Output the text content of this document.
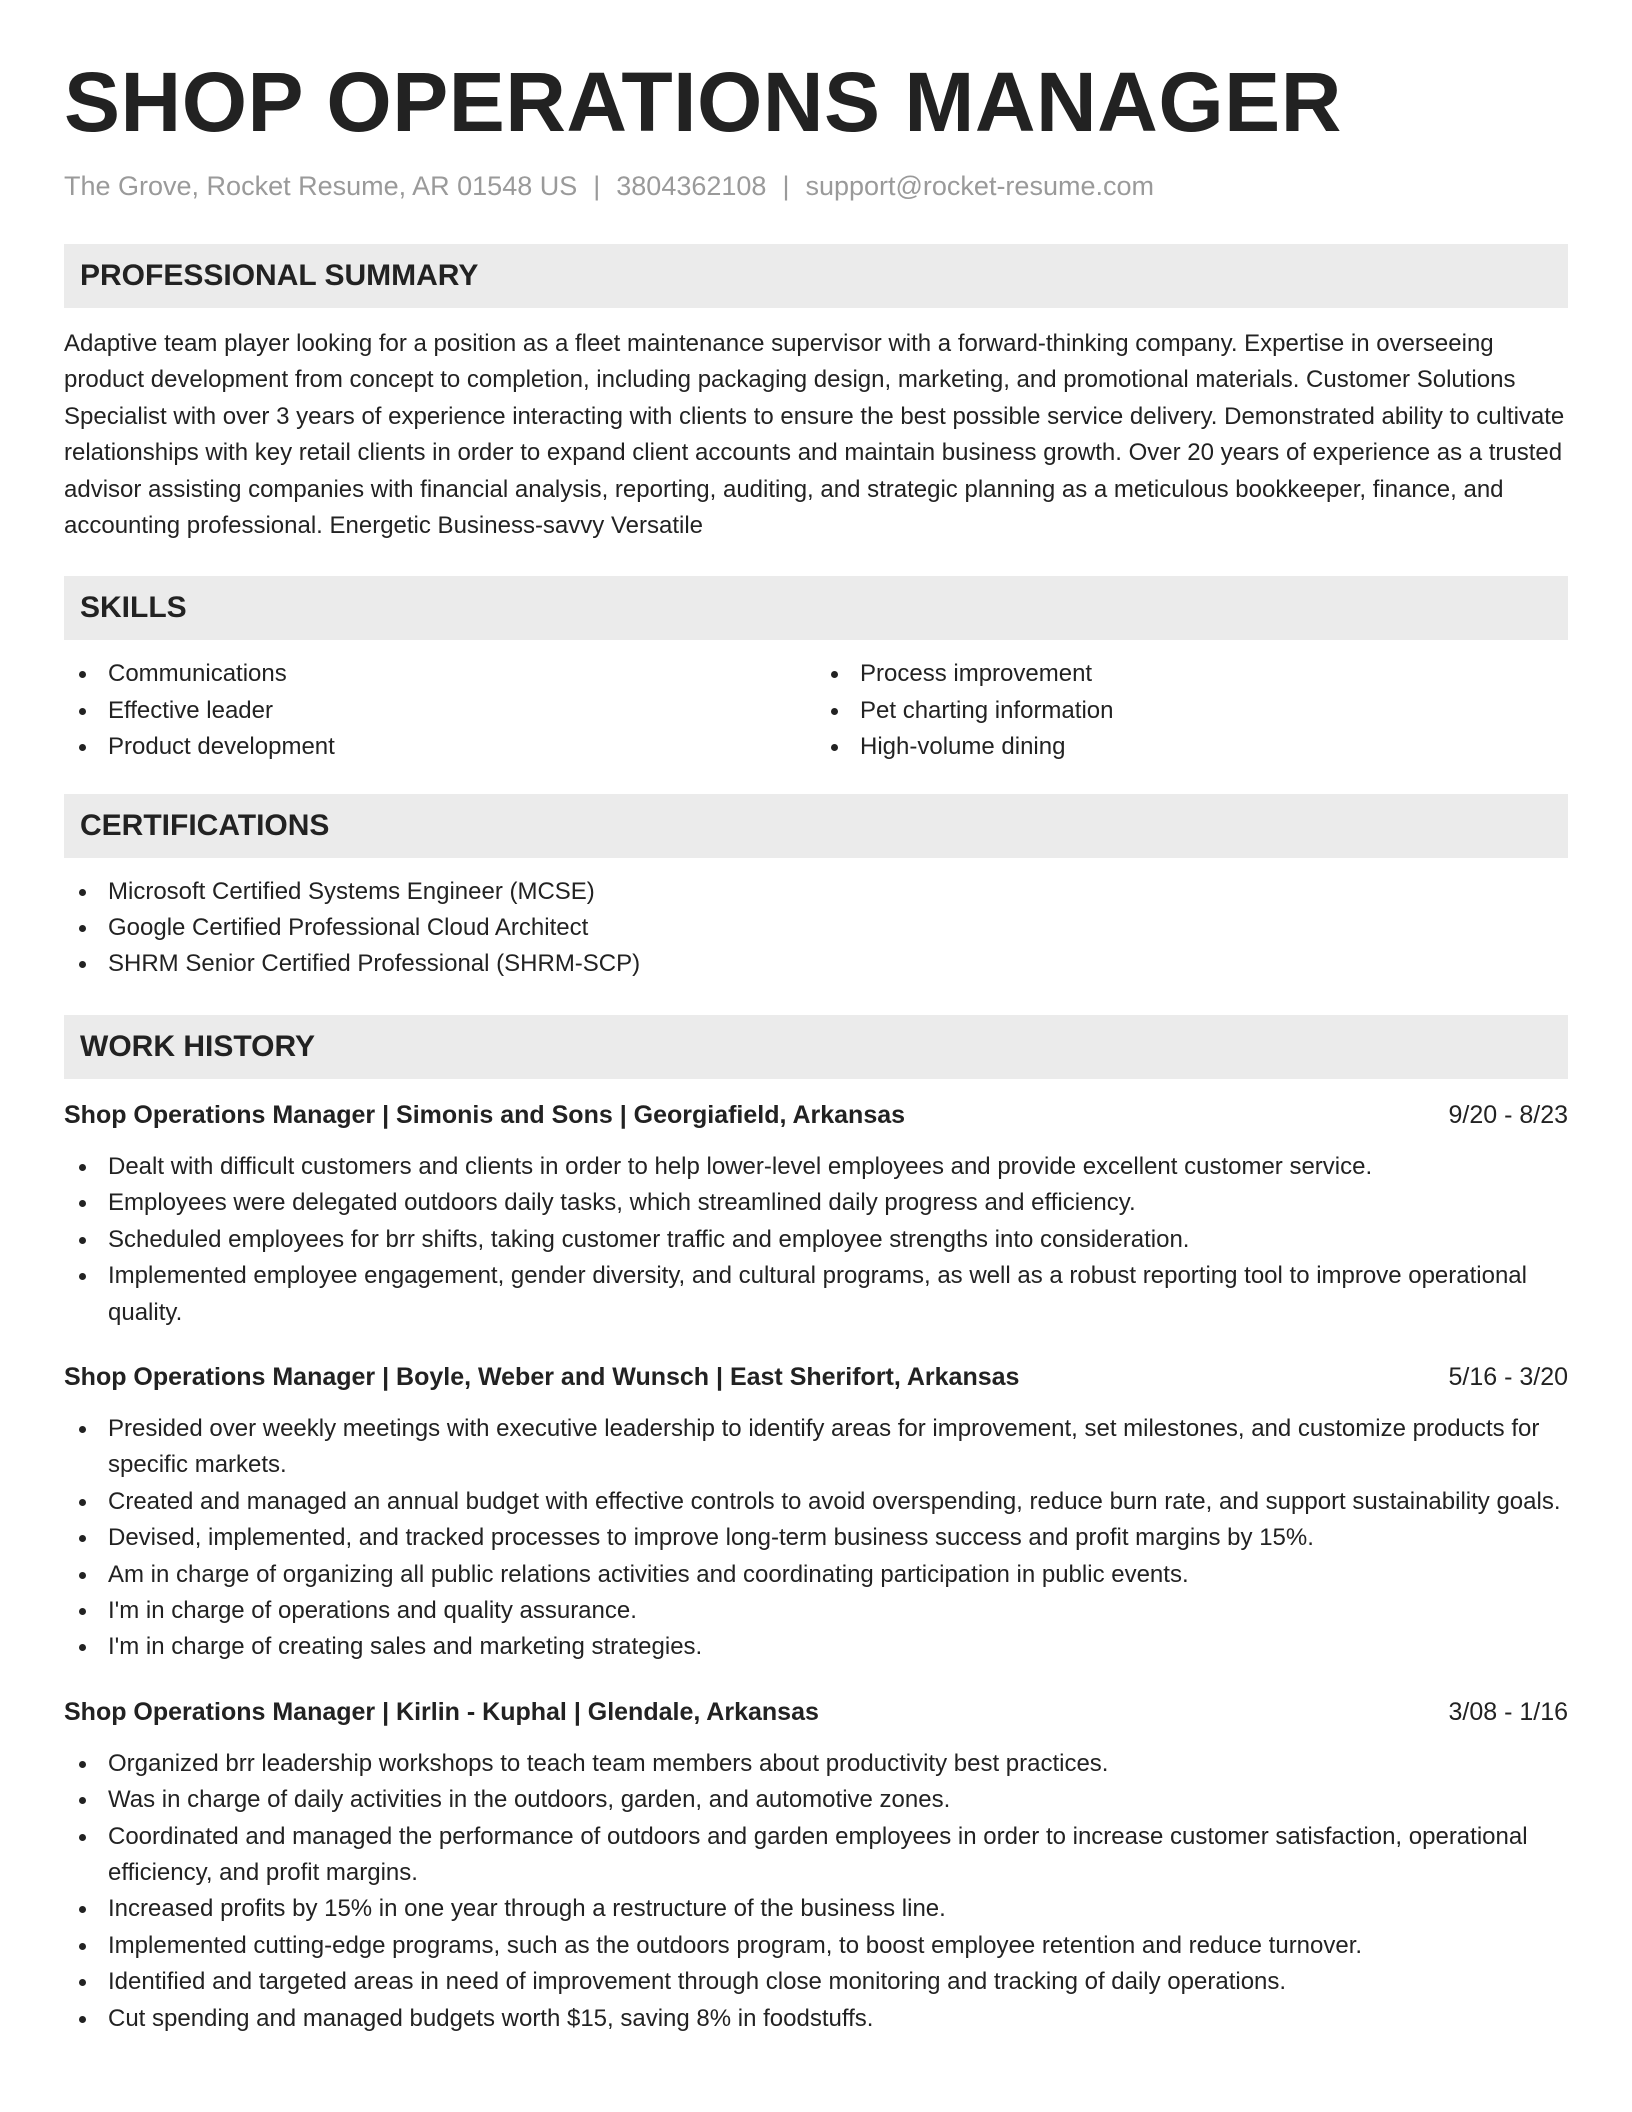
SHOP OPERATIONS MANAGER
The Grove, Rocket Resume, AR 01548 US | 3804362108 | support@rocket-resume.com
PROFESSIONAL SUMMARY

Adaptive team player looking for a position as a fleet maintenance supervisor with a forward-thinking company. Expertise in overseeing product development from concept to completion, including packaging design, marketing, and promotional materials. Customer Solutions Specialist with over 3 years of experience interacting with clients to ensure the best possible service delivery. Demonstrated ability to cultivate relationships with key retail clients in order to expand client accounts and maintain business growth. Over 20 years of experience as a trusted advisor assisting companies with financial analysis, reporting, auditing, and strategic planning as a meticulous bookkeeper, finance, and accounting professional. Energetic Business-savvy Versatile

SKILLS
Communications
Effective leader
Product development
Process improvement
Pet charting information
High-volume dining
CERTIFICATIONS
Microsoft Certified Systems Engineer (MCSE)
Google Certified Professional Cloud Architect
SHRM Senior Certified Professional (SHRM-SCP)
WORK HISTORY
Shop Operations Manager | Simonis and Sons | Georgiafield, Arkansas	9/20 - 8/23
Dealt with difficult customers and clients in order to help lower-level employees and provide excellent customer service.
Employees were delegated outdoors daily tasks, which streamlined daily progress and efficiency.
Scheduled employees for brr shifts, taking customer traffic and employee strengths into consideration.
Implemented employee engagement, gender diversity, and cultural programs, as well as a robust reporting tool to improve operational quality.
Shop Operations Manager | Boyle, Weber and Wunsch | East Sherifort, Arkansas	5/16 - 3/20
Presided over weekly meetings with executive leadership to identify areas for improvement, set milestones, and customize products for specific markets.
Created and managed an annual budget with effective controls to avoid overspending, reduce burn rate, and support sustainability goals.
Devised, implemented, and tracked processes to improve long-term business success and profit margins by 15%.
Am in charge of organizing all public relations activities and coordinating participation in public events.
I'm in charge of operations and quality assurance.
I'm in charge of creating sales and marketing strategies.
Shop Operations Manager | Kirlin - Kuphal | Glendale, Arkansas	3/08 - 1/16
Organized brr leadership workshops to teach team members about productivity best practices.
Was in charge of daily activities in the outdoors, garden, and automotive zones.
Coordinated and managed the performance of outdoors and garden employees in order to increase customer satisfaction, operational efficiency, and profit margins.
Increased profits by 15% in one year through a restructure of the business line.
Implemented cutting-edge programs, such as the outdoors program, to boost employee retention and reduce turnover.
Identified and targeted areas in need of improvement through close monitoring and tracking of daily operations.
Cut spending and managed budgets worth $15, saving 8% in foodstuffs.
